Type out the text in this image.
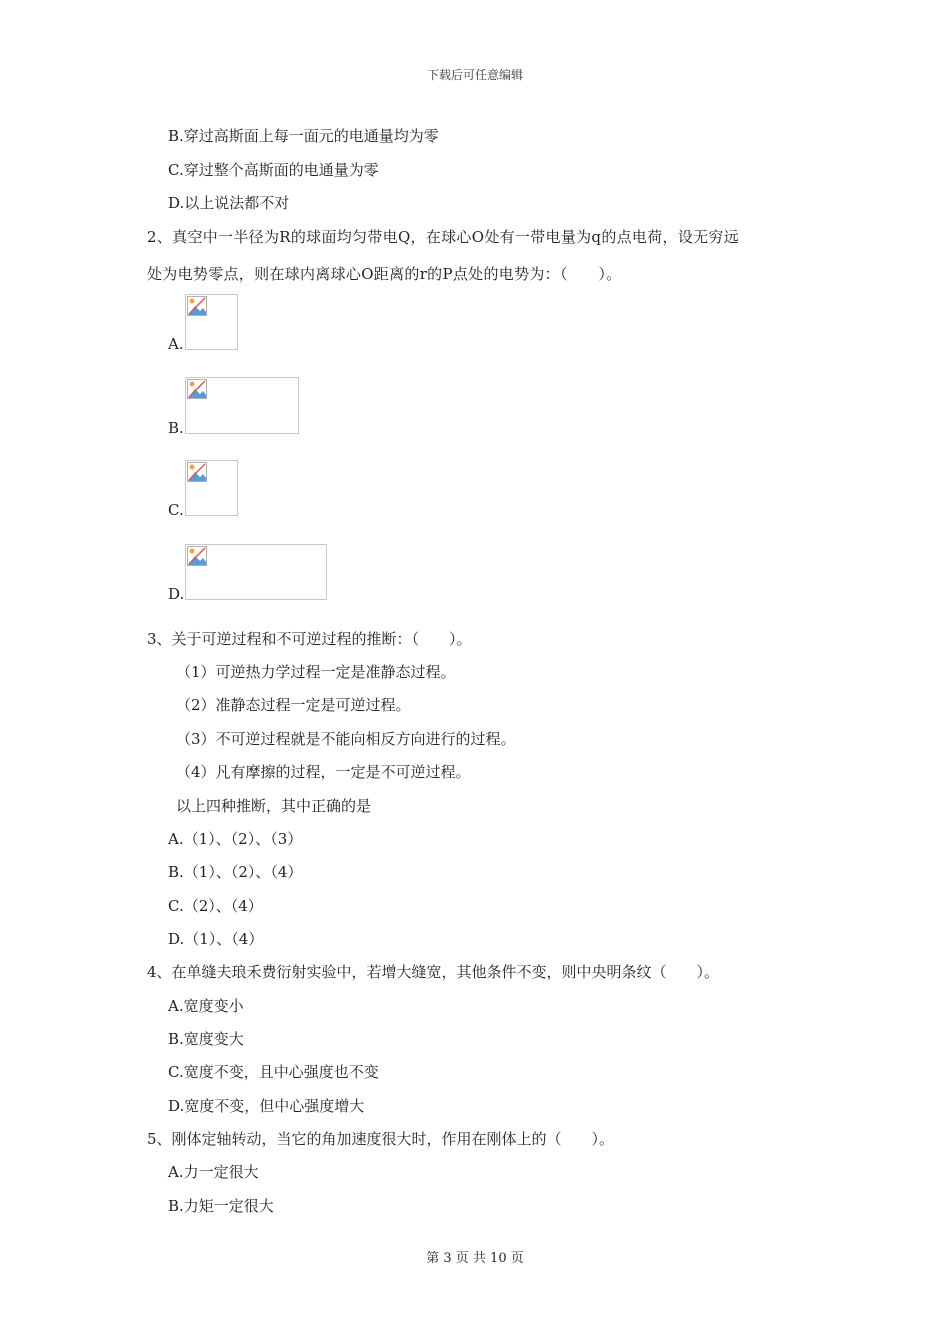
下载后可任意编辑
B.穿过高斯面上每一面元的电通量均为零
C.穿过整个高斯面的电通量为零
D.以上说法都不对
2、真空中一半径为R的球面均匀带电Q，在球心O处有一带电量为q的点电荷，设无穷远
处为电势零点，则在球内离球心O距离的r的P点处的电势为：（　　）。
A.
B.
C.
D.
3、关于可逆过程和不可逆过程的推断：（　　）。
（1）可逆热力学过程一定是准静态过程。
（2）准静态过程一定是可逆过程。
（3）不可逆过程就是不能向相反方向进行的过程。
（4）凡有摩擦的过程，一定是不可逆过程。
以上四种推断，其中正确的是
A.（1）、（2）、（3）
B.（1）、（2）、（4）
C.（2）、（4）
D.（1）、（4）
4、在单缝夫琅禾费衍射实验中，若增大缝宽，其他条件不变，则中央明条纹（　　）。
A.宽度变小
B.宽度变大
C.宽度不变，且中心强度也不变
D.宽度不变，但中心强度增大
5、刚体定轴转动，当它的角加速度很大时，作用在刚体上的（　　）。
A.力一定很大
B.力矩一定很大
第 3 页 共 10 页
